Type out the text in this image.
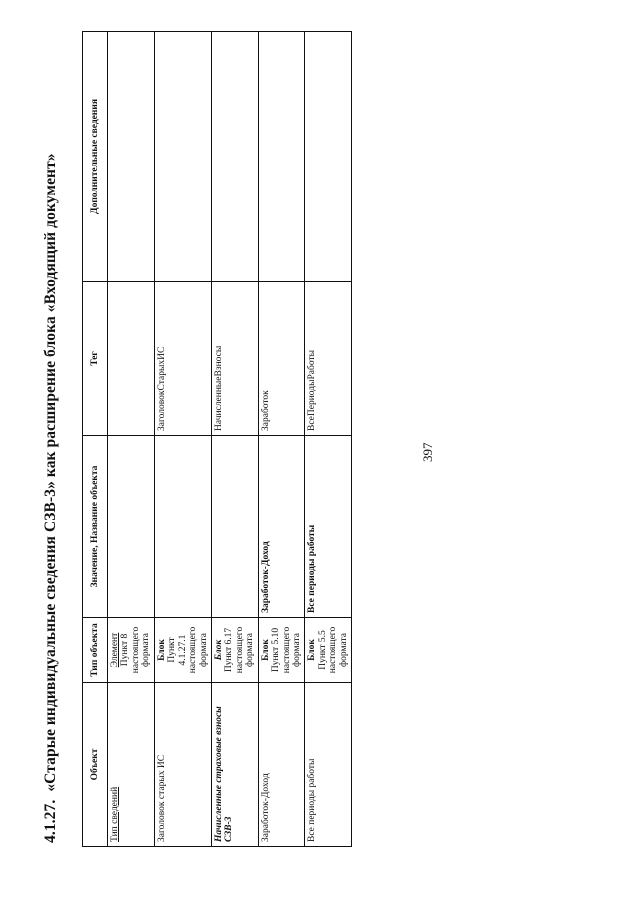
397
4.1.27.«Старые индивидуальные сведения СЗВ-3» как расширение блока «Входящий документ»	Объект	Тип объекта	Значение, Название объекта	Тег	Дополнительные сведения
Тип сведений	Элемент Пункт 8 настоящего формата			

Заголовок старых ИС	Блок Пункт 4.1.27.1 настоящего формата		ЗаголовокСтарыхИС	
Начисленные страховые взносы СЗВ-3	Блок Пункт 6.17 настоящего формата		НачисленныеВзносы	
Заработок-Доход	Блок Пункт 5.10 настоящего формата	Заработок-Доход	Заработок	
Все периоды работы	Блок Пункт 5.5 настоящего формата	Все периоды работы	ВсеПериодыРаботы	
